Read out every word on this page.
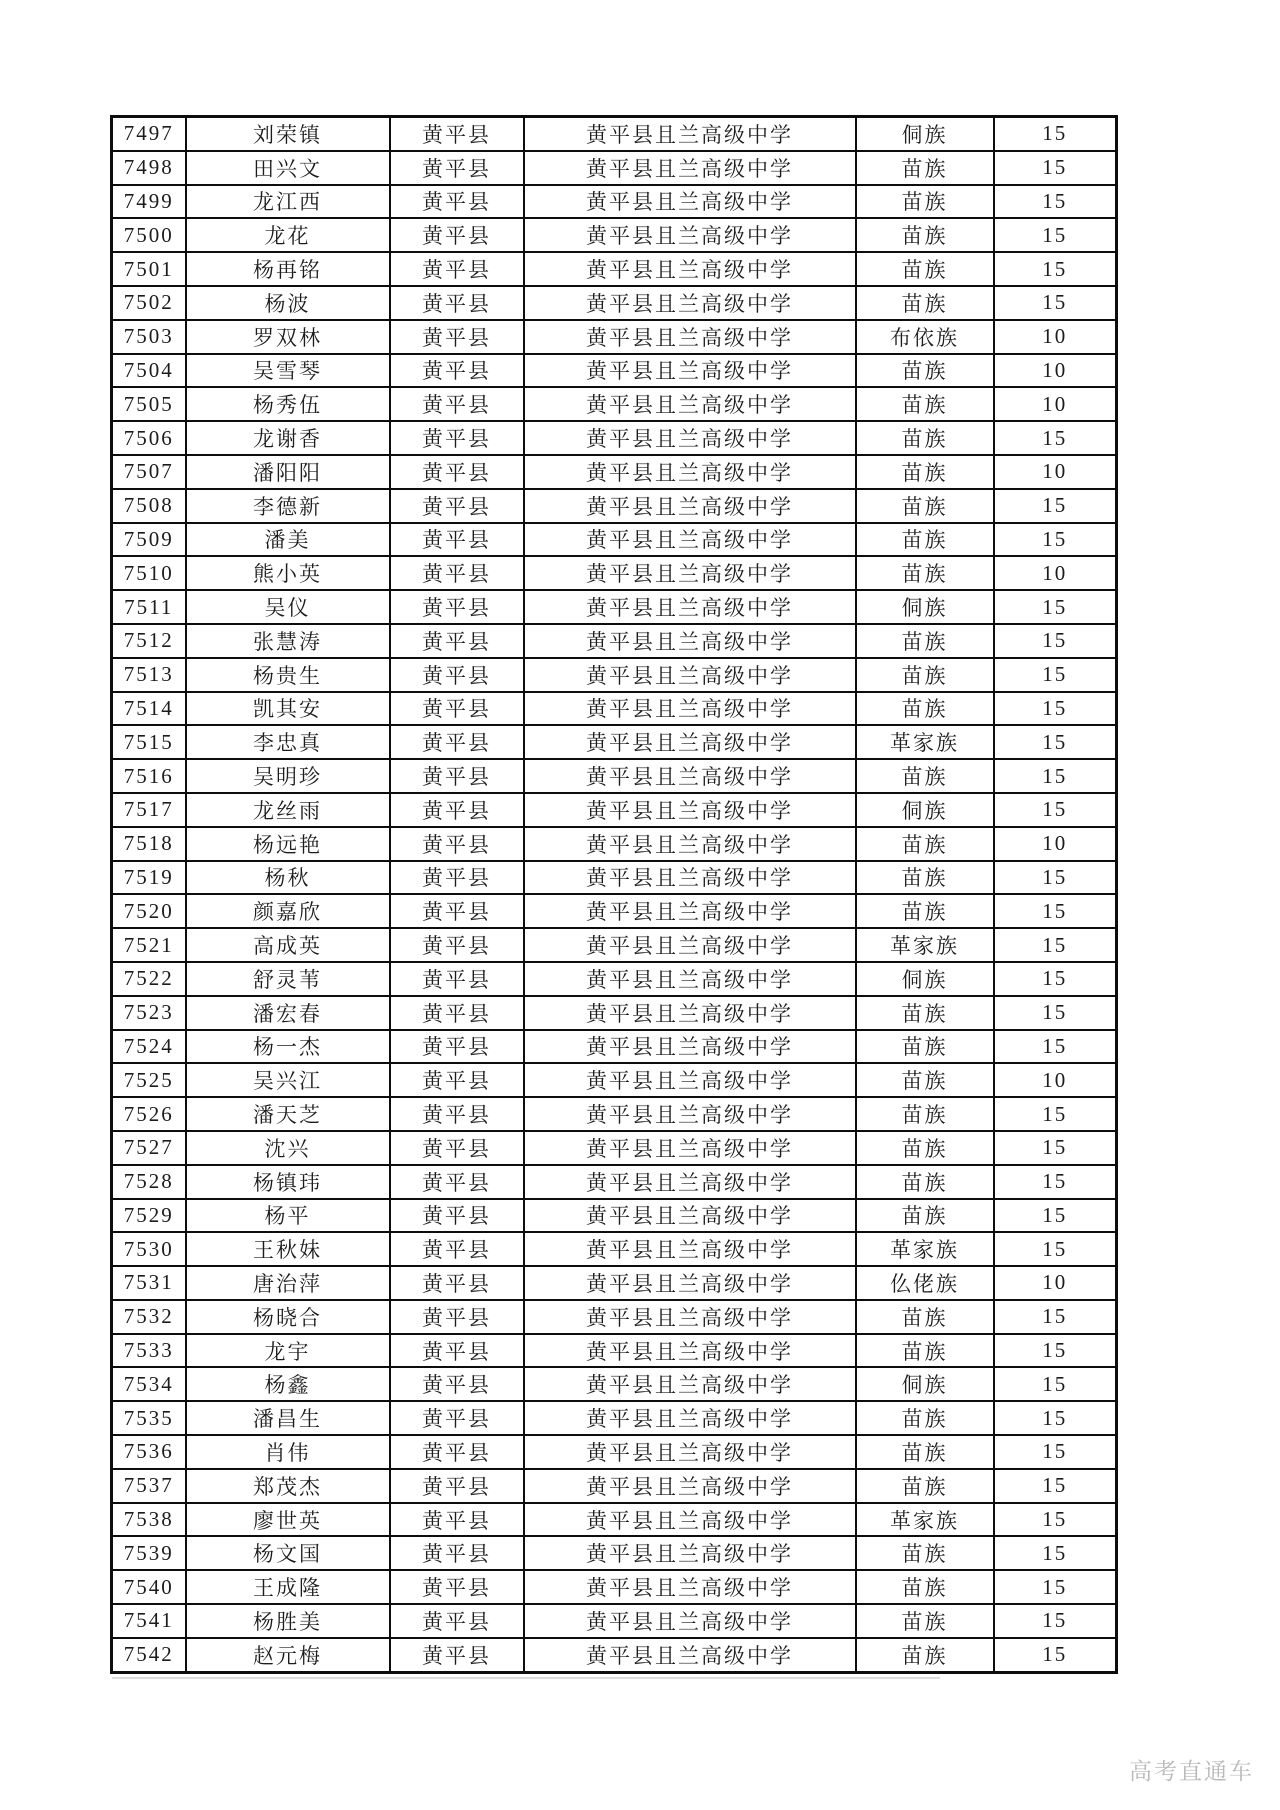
7497	刘荣镇	黄平县	黄平县且兰高级中学	侗族	15
7498	田兴文	黄平县	黄平县且兰高级中学	苗族	15
7499	龙江西	黄平县	黄平县且兰高级中学	苗族	15
7500	龙花	黄平县	黄平县且兰高级中学	苗族	15
7501	杨再铭	黄平县	黄平县且兰高级中学	苗族	15
7502	杨波	黄平县	黄平县且兰高级中学	苗族	15
7503	罗双林	黄平县	黄平县且兰高级中学	布依族	10
7504	吴雪琴	黄平县	黄平县且兰高级中学	苗族	10
7505	杨秀伍	黄平县	黄平县且兰高级中学	苗族	10
7506	龙谢香	黄平县	黄平县且兰高级中学	苗族	15
7507	潘阳阳	黄平县	黄平县且兰高级中学	苗族	10
7508	李德新	黄平县	黄平县且兰高级中学	苗族	15
7509	潘美	黄平县	黄平县且兰高级中学	苗族	15
7510	熊小英	黄平县	黄平县且兰高级中学	苗族	10
7511	吴仪	黄平县	黄平县且兰高级中学	侗族	15
7512	张慧涛	黄平县	黄平县且兰高级中学	苗族	15
7513	杨贵生	黄平县	黄平县且兰高级中学	苗族	15
7514	凯其安	黄平县	黄平县且兰高级中学	苗族	15
7515	李忠真	黄平县	黄平县且兰高级中学	革家族	15
7516	吴明珍	黄平县	黄平县且兰高级中学	苗族	15
7517	龙丝雨	黄平县	黄平县且兰高级中学	侗族	15
7518	杨远艳	黄平县	黄平县且兰高级中学	苗族	10
7519	杨秋	黄平县	黄平县且兰高级中学	苗族	15
7520	颜嘉欣	黄平县	黄平县且兰高级中学	苗族	15
7521	高成英	黄平县	黄平县且兰高级中学	革家族	15
7522	舒灵苇	黄平县	黄平县且兰高级中学	侗族	15
7523	潘宏春	黄平县	黄平县且兰高级中学	苗族	15
7524	杨一杰	黄平县	黄平县且兰高级中学	苗族	15
7525	吴兴江	黄平县	黄平县且兰高级中学	苗族	10
7526	潘天芝	黄平县	黄平县且兰高级中学	苗族	15
7527	沈兴	黄平县	黄平县且兰高级中学	苗族	15
7528	杨镇玮	黄平县	黄平县且兰高级中学	苗族	15
7529	杨平	黄平县	黄平县且兰高级中学	苗族	15
7530	王秋妹	黄平县	黄平县且兰高级中学	革家族	15
7531	唐治萍	黄平县	黄平县且兰高级中学	仫佬族	10
7532	杨晓合	黄平县	黄平县且兰高级中学	苗族	15
7533	龙宇	黄平县	黄平县且兰高级中学	苗族	15
7534	杨鑫	黄平县	黄平县且兰高级中学	侗族	15
7535	潘昌生	黄平县	黄平县且兰高级中学	苗族	15
7536	肖伟	黄平县	黄平县且兰高级中学	苗族	15
7537	郑茂杰	黄平县	黄平县且兰高级中学	苗族	15
7538	廖世英	黄平县	黄平县且兰高级中学	革家族	15
7539	杨文国	黄平县	黄平县且兰高级中学	苗族	15
7540	王成隆	黄平县	黄平县且兰高级中学	苗族	15
7541	杨胜美	黄平县	黄平县且兰高级中学	苗族	15
7542	赵元梅	黄平县	黄平县且兰高级中学	苗族	15
高考直通车
